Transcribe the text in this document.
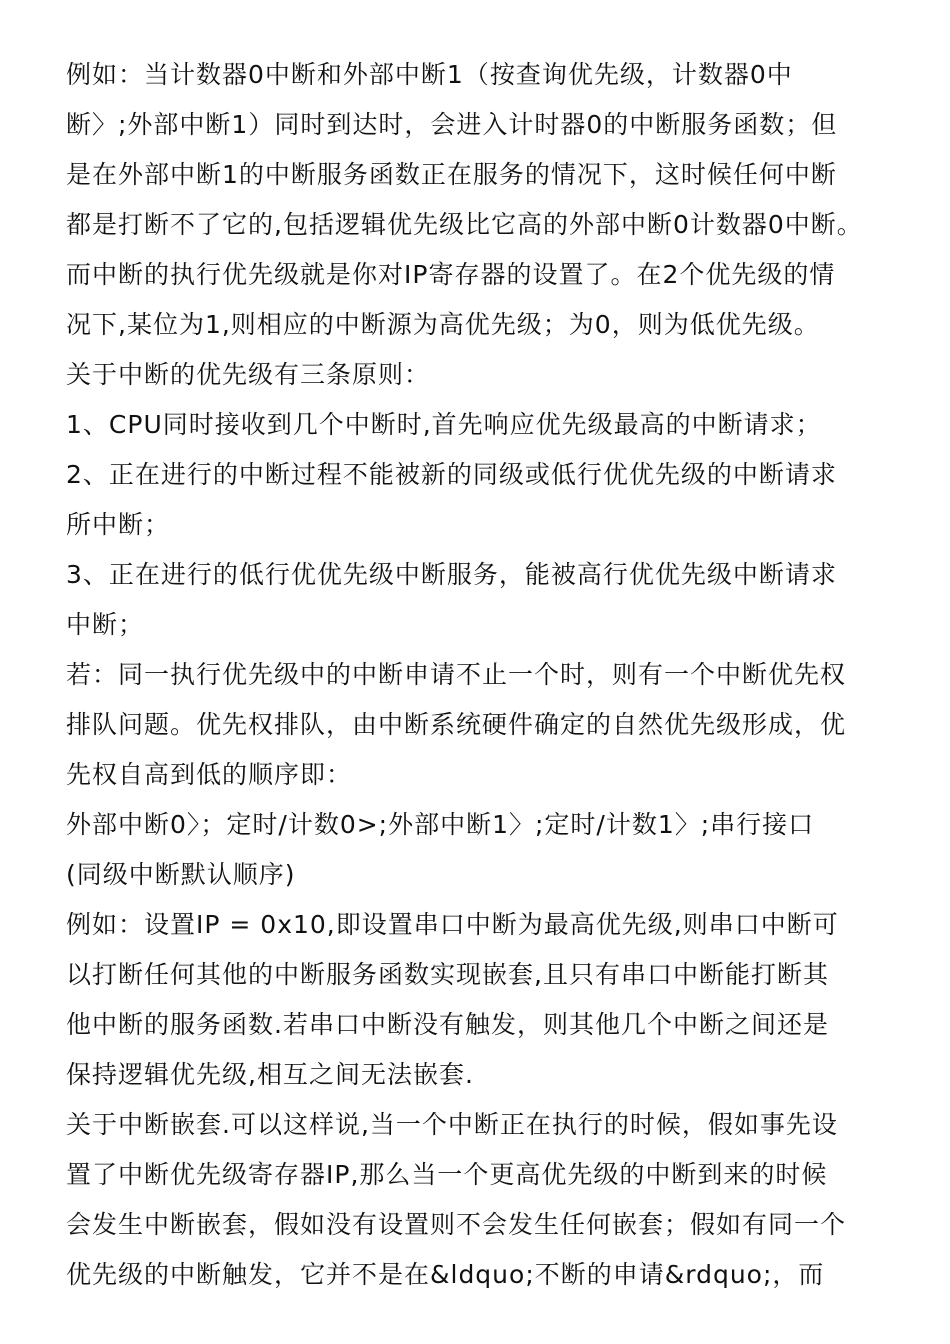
例如：当计数器0中断和外部中断1（按查询优先级，计数器0中
断〉;外部中断1）同时到达时，会进入计时器0的中断服务函数；但
是在外部中断1的中断服务函数正在服务的情况下，这时候任何中断
都是打断不了它的,包括逻辑优先级比它高的外部中断0计数器0中断。
而中断的执行优先级就是你对IP寄存器的设置了。在2个优先级的情
况下,某位为1,则相应的中断源为高优先级；为0，则为低优先级。
关于中断的优先级有三条原则：
1、CPU同时接收到几个中断时,首先响应优先级最高的中断请求；
2、正在进行的中断过程不能被新的同级或低行优优先级的中断请求
所中断；
3、正在进行的低行优优先级中断服务，能被高行优优先级中断请求
中断；
若：同一执行优先级中的中断申请不止一个时，则有一个中断优先权
排队问题。优先权排队，由中断系统硬件确定的自然优先级形成，优
先权自高到低的顺序即：
外部中断0〉；定时/计数0>;外部中断1〉;定时/计数1〉;串行接口
(同级中断默认顺序)
例如：设置IP = 0x10,即设置串口中断为最高优先级,则串口中断可
以打断任何其他的中断服务函数实现嵌套,且只有串口中断能打断其
他中断的服务函数.若串口中断没有触发，则其他几个中断之间还是
保持逻辑优先级,相互之间无法嵌套.
关于中断嵌套.可以这样说,当一个中断正在执行的时候，假如事先设
置了中断优先级寄存器IP,那么当一个更高优先级的中断到来的时候
会发生中断嵌套，假如没有设置则不会发生任何嵌套；假如有同一个
优先级的中断触发，它并不是在&ldquo;不断的申请&rdquo;，而
